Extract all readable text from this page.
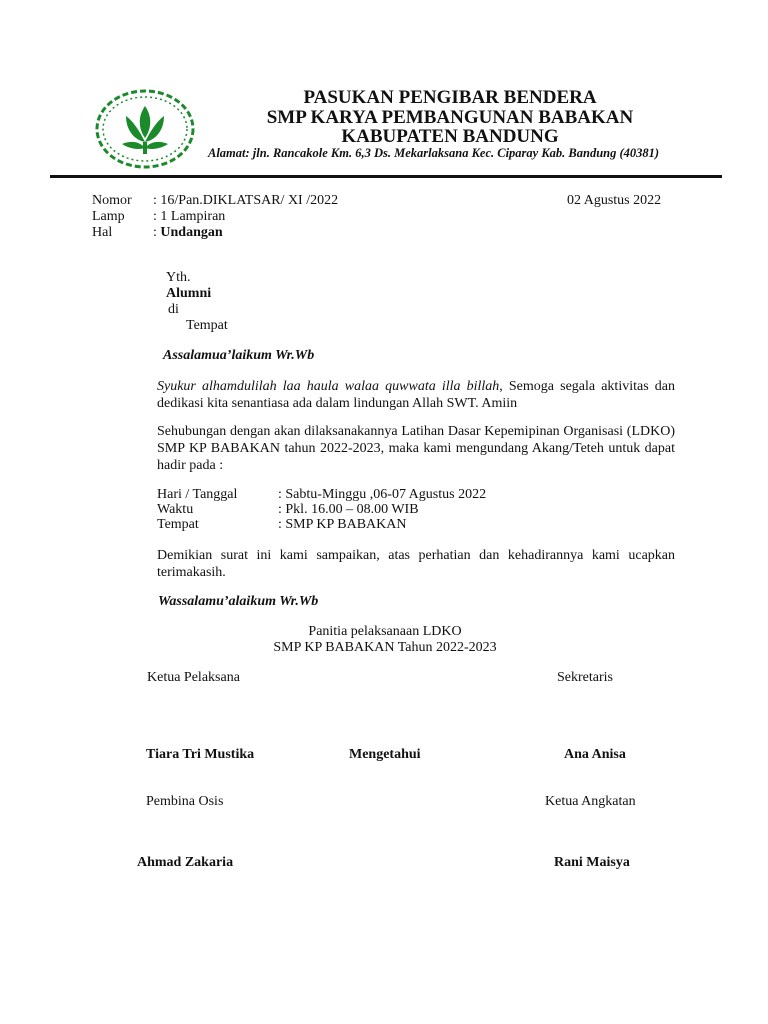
PASUKAN PENGIBAR BENDERA
SMP KARYA PEMBANGUNAN BABAKAN
KABUPATEN BANDUNG
Alamat: jln. Rancakole Km. 6,3 Ds. Mekarlaksana Kec. Ciparay Kab. Bandung (40381)
Nomor : 16/Pan.DIKLATSAR/ XI /2022	02 Agustus 2022
Lamp : 1 Lampiran
Hal	: Undangan
Yth.
Alumni
di
Tempat
Assalamua’laikum Wr.Wb
Syukur alhamdulilah laa haula walaa quwwata illa billah, Semoga segala aktivitas dan dedikasi kita senantiasa ada dalam lindungan Allah SWT. Amiin
Sehubungan dengan akan dilaksanakannya Latihan Dasar Kepemipinan Organisasi (LDKO) SMP KP BABAKAN tahun 2022-2023, maka kami mengundang Akang/Teteh untuk dapat hadir pada :
Hari / Tanggal	: Sabtu-Minggu ,06-07 Agustus 2022
Waktu	: Pkl. 16.00 – 08.00 WIB
Tempat	: SMP KP BABAKAN
Demikian surat ini kami sampaikan, atas perhatian dan kehadirannya kami ucapkan terimakasih.
Wassalamu’alaikum Wr.Wb
Panitia pelaksanaan LDKO
SMP KP BABAKAN Tahun 2022-2023
Ketua Pelaksana	Sekretaris
Tiara Tri Mustika	Mengetahui	Ana Anisa
Pembina Osis	Ketua Angkatan
Ahmad Zakaria	Rani Maisya
